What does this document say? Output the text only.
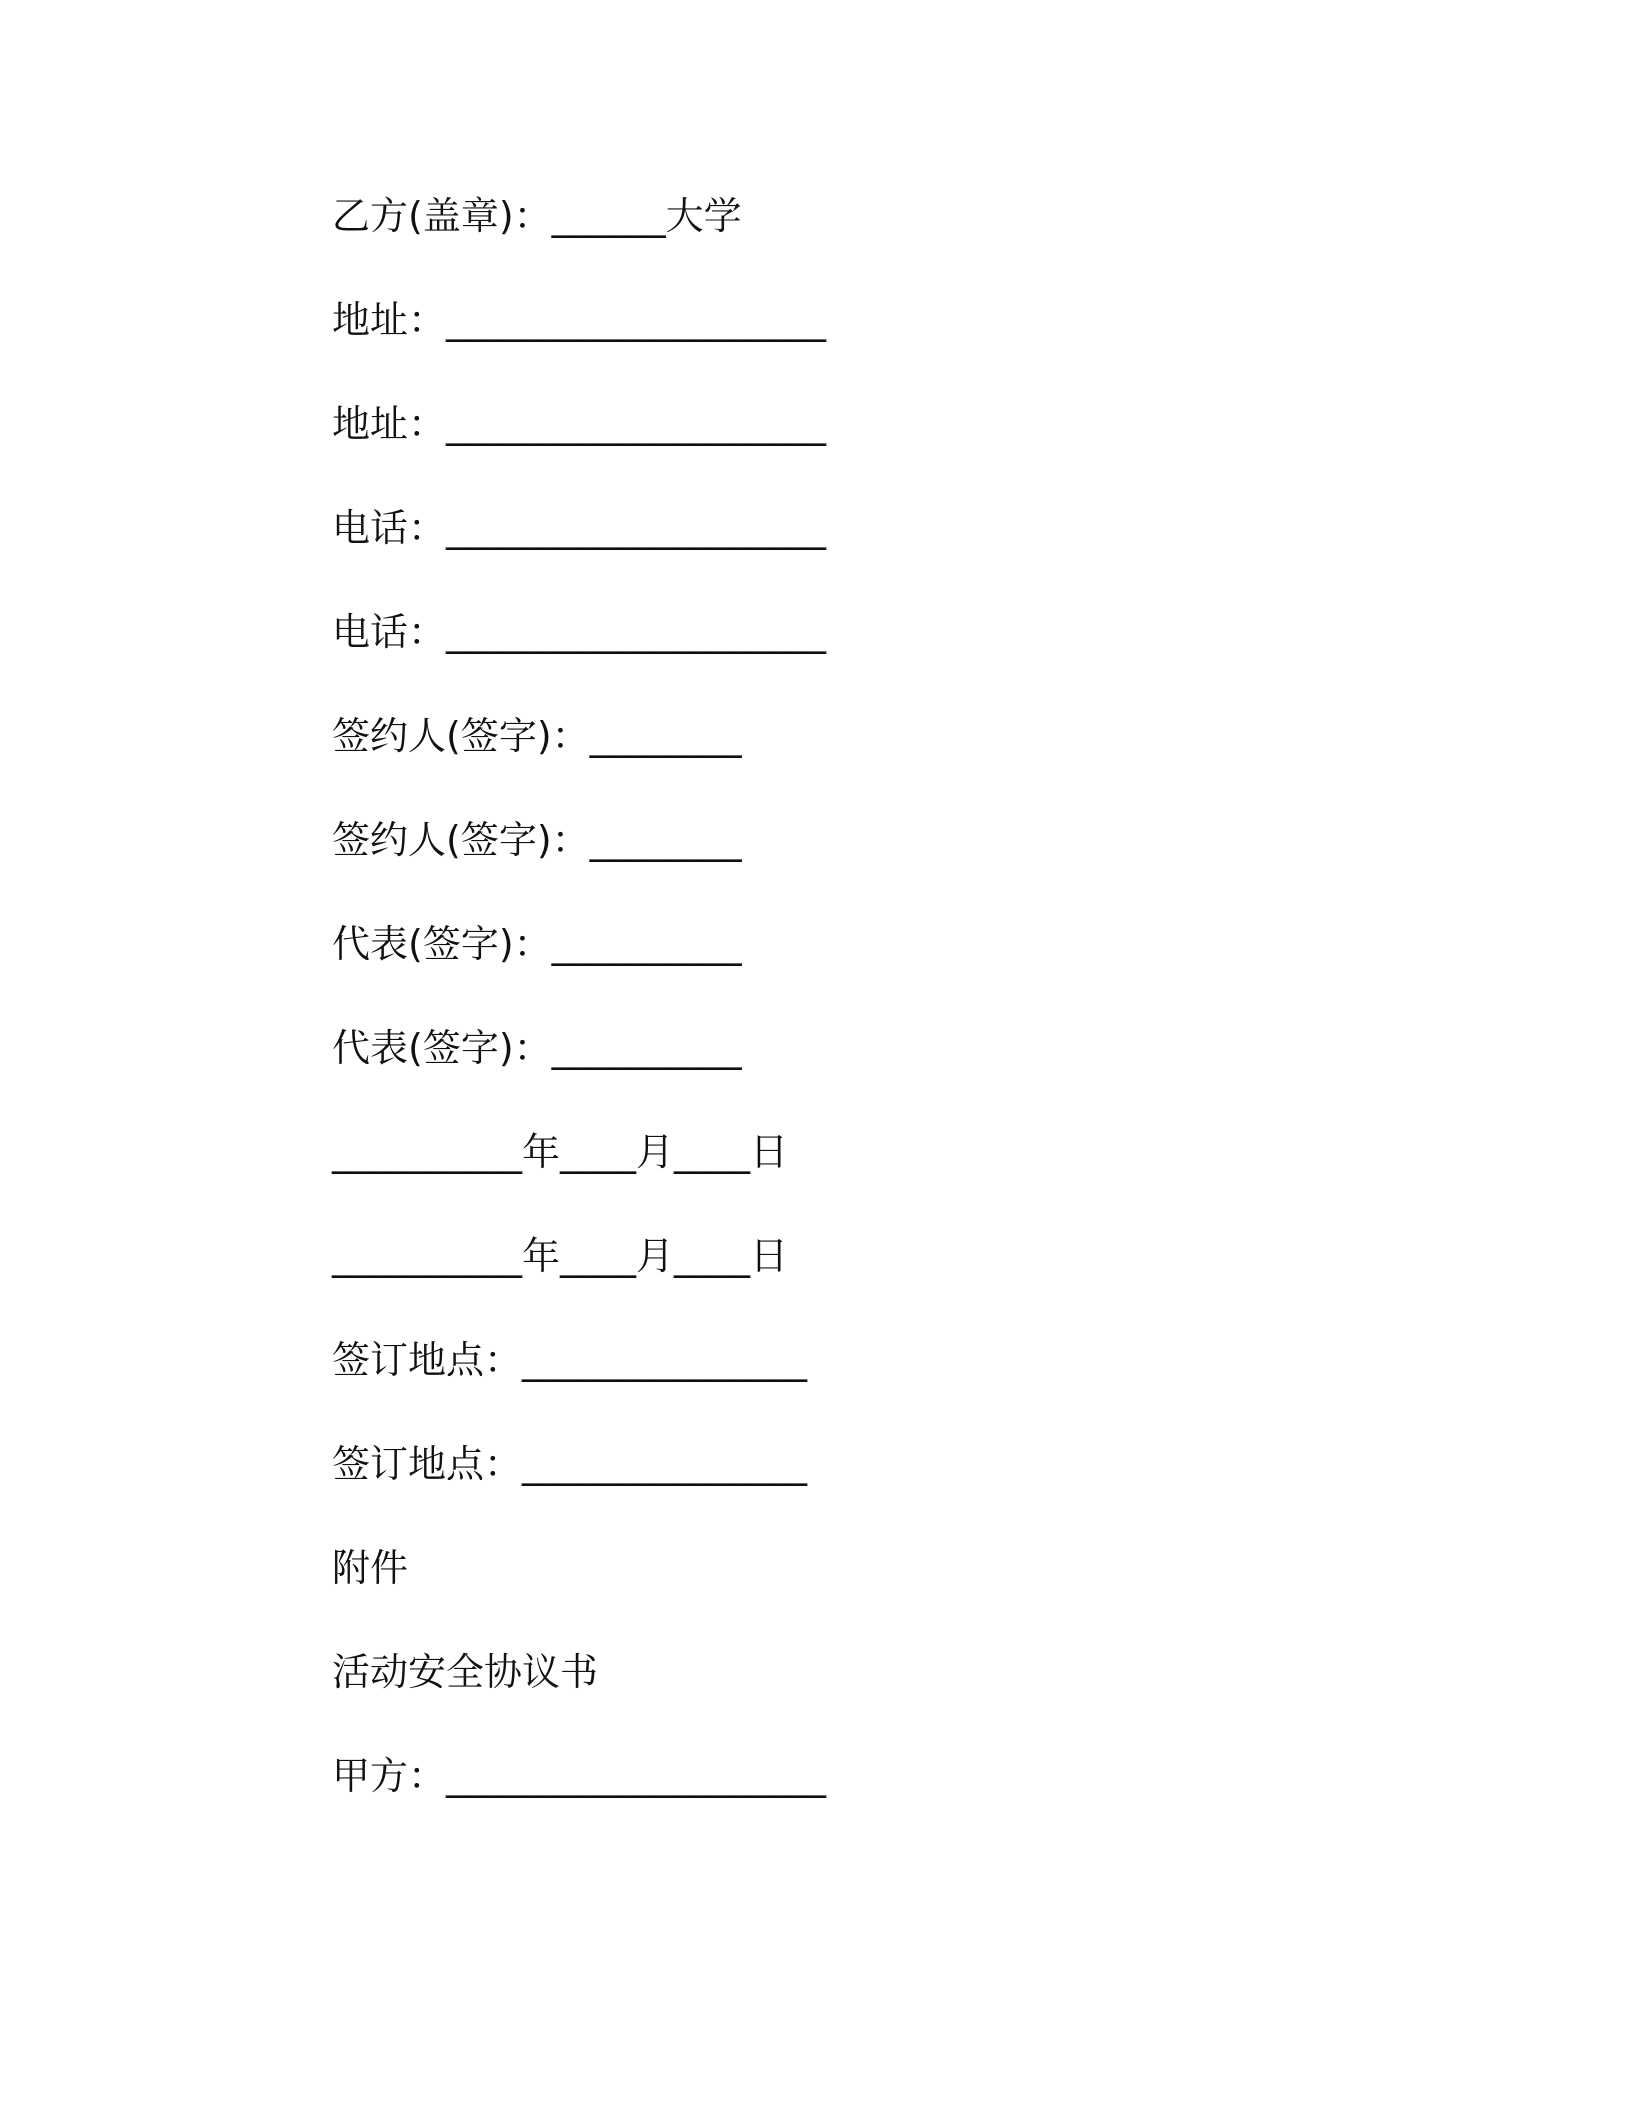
乙方(盖章)：______大学
地址：____________________
地址：____________________
电话：____________________
电话：____________________
签约人(签字)：________
签约人(签字)：________
代表(签字)：__________
代表(签字)：__________
__________年____月____日
__________年____月____日
签订地点：_______________
签订地点：_______________
附件
活动安全协议书
甲方：____________________
